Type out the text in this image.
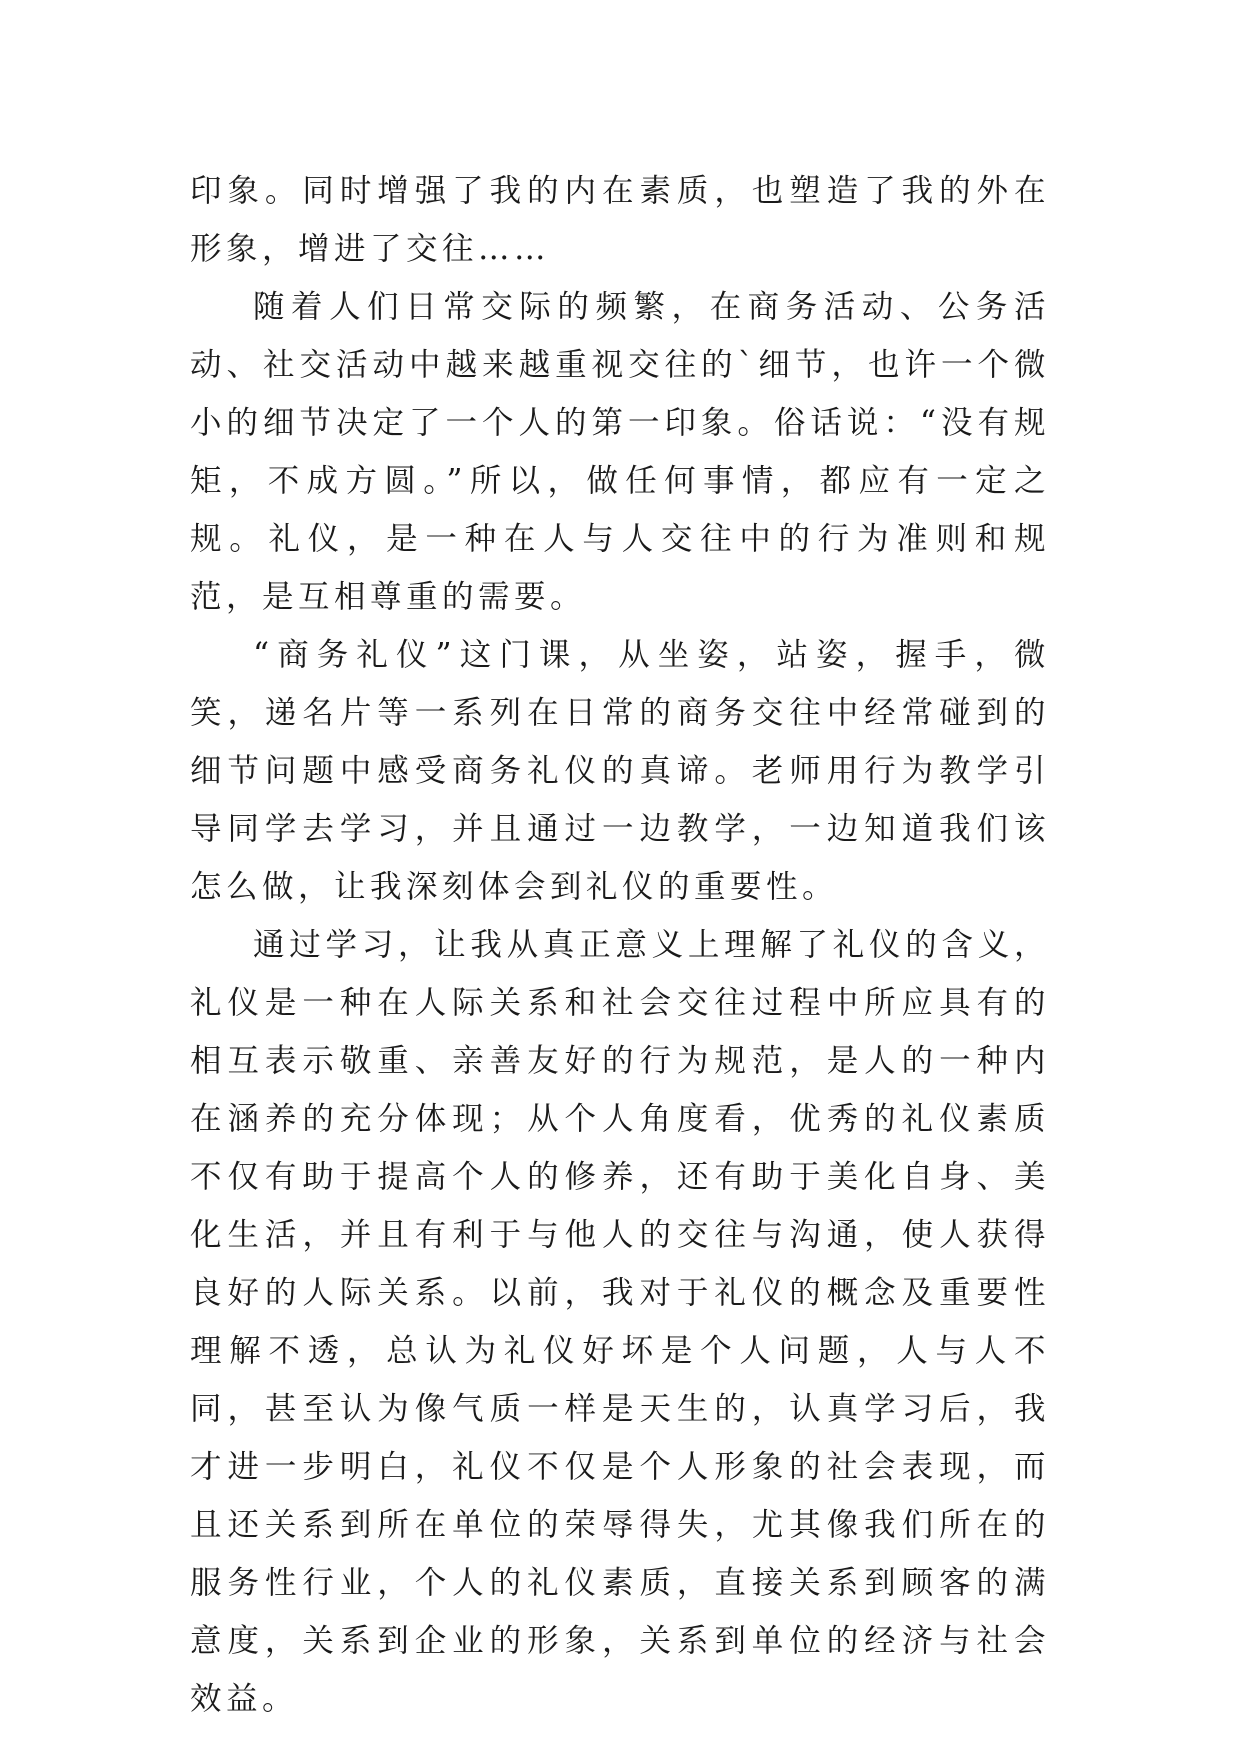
印象。同时增强了我的内在素质，也塑造了我的外在形象，增进了交往……

随着人们日常交际的频繁，在商务活动、公务活动、社交活动中越来越重视交往的`细节，也许一个微小的细节决定了一个人的第一印象。俗话说：“没有规矩，不成方圆。”所以，做任何事情，都应有一定之规。礼仪，是一种在人与人交往中的行为准则和规范，是互相尊重的需要。

“商务礼仪”这门课，从坐姿，站姿，握手，微笑，递名片等一系列在日常的商务交往中经常碰到的细节问题中感受商务礼仪的真谛。老师用行为教学引导同学去学习，并且通过一边教学，一边知道我们该怎么做，让我深刻体会到礼仪的重要性。

通过学习，让我从真正意义上理解了礼仪的含义，礼仪是一种在人际关系和社会交往过程中所应具有的相互表示敬重、亲善友好的行为规范，是人的一种内在涵养的充分体现；从个人角度看，优秀的礼仪素质不仅有助于提高个人的修养，还有助于美化自身、美化生活，并且有利于与他人的交往与沟通，使人获得良好的人际关系。以前，我对于礼仪的概念及重要性理解不透，总认为礼仪好坏是个人问题，人与人不同，甚至认为像气质一样是天生的，认真学习后，我才进一步明白，礼仪不仅是个人形象的社会表现，而且还关系到所在单位的荣辱得失，尤其像我们所在的服务性行业，个人的礼仪素质，直接关系到顾客的满意度，关系到企业的形象，关系到单位的经济与社会效益。
